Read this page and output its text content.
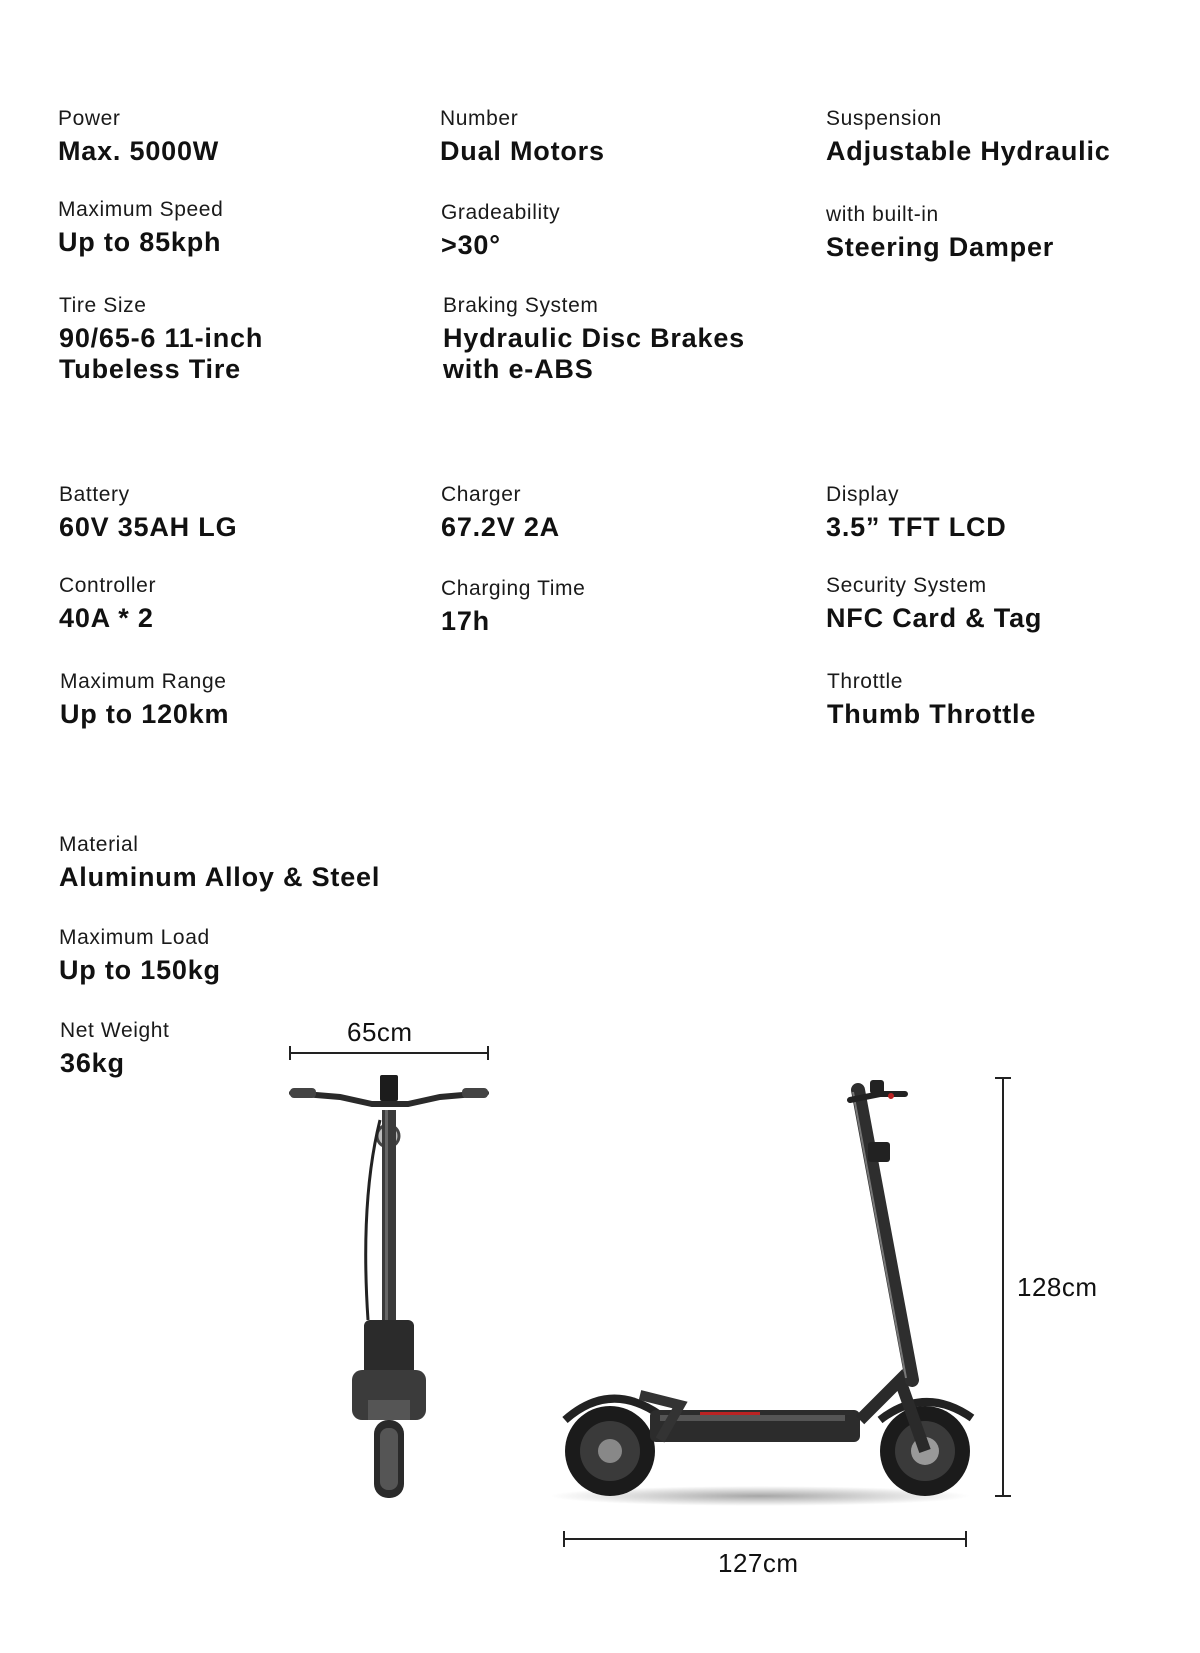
Power
Max. 5000W
Number
Dual Motors
Suspension
Adjustable Hydraulic
Maximum Speed
Up to 85kph
Gradeability
>30°
with built-in
Steering Damper
Tire Size
90/65-6 11-inch
Tubeless Tire
Braking System
Hydraulic Disc Brakes
with e-ABS
Battery
60V 35AH LG
Charger
67.2V 2A
Display
3.5” TFT LCD
Controller
40A * 2
Charging Time
17h
Security System
NFC Card & Tag
Maximum Range
Up to 120km
Throttle
Thumb Throttle
Material
Aluminum Alloy & Steel
Maximum Load
Up to 150kg
Net Weight
36kg
65cm
128cm
127cm
